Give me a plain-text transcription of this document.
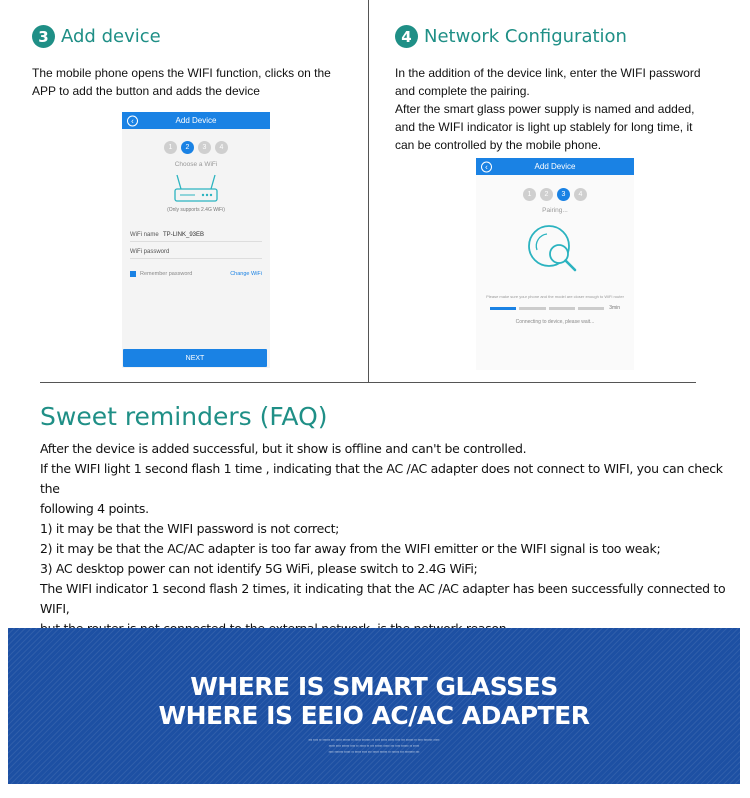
3 Add device

The mobile phone opens the WIFI function, clicks on the

APP to add the button and adds the device

‹	Add Device
1	2	3	4
Choose a WiFi
(Only supports 2.4G WiFi)
WiFi name TP-LINK_93EB
WiFi password
Remember password	Change WiFi
NEXT
4 Network Configuration

In the addition of the device link, enter the WIFI password

and complete the pairing.

After the smart glass power supply is named and added,

and the WIFI indicator is light up stablely for long time, it

can be controlled by the mobile phone.

‹	Add Device
1	2	3	4
Pairing...
Please make sure your phone and the model are closer enough to WiFi router
3min
Connecting to device, please wait...
Sweet reminders (FAQ)

After the device is added successful, but it show is offline and can't be controlled.

If the WIFI light 1 second flash 1 time , indicating that the AC /AC adapter does not connect to WIFI, you can check the

following 4 points.

1) it may be that the WIFI password is not correct;

2) it may be that the AC/AC adapter is too far away from the WIFI emitter or the WIFI signal is too weak;

3) AC desktop power can not identify 5G WiFi, please switch to 2.4G WiFi;

The WIFI indicator 1 second flash 2 times, it indicating that the AC /AC adapter has been successfully connected to WIFI,

WHERE IS SMART GLASSES
WHERE IS EEIO AC/AC ADAPTER
▪▪▪ ▪▪▪▪ ▪▪ ▪▪▪▪▪▪ ▪▪▪ ▪▪▪▪▪ ▪▪▪▪▪▪ ▪▪ ▪▪▪▪▪ ▪▪▪▪▪▪▪ ▪▪ ▪▪▪▪ ▪▪▪▪▪ ▪▪▪▪▪ ▪▪▪▪ ▪▪▪ ▪▪▪▪▪▪ ▪▪ ▪▪▪▪ ▪▪▪▪▪▪▪ ▪▪▪▪▪
▪▪▪▪▪ ▪▪▪▪ ▪▪▪▪▪▪ ▪▪▪▪ ▪▪ ▪▪▪▪▪ ▪▪ ▪▪▪ ▪▪▪▪▪▪ ▪▪▪▪▪ ▪▪▪ ▪▪▪▪ ▪▪▪▪▪▪ ▪▪ ▪▪▪▪▪
▪▪▪▪ ▪▪▪▪▪▪▪ ▪▪▪▪▪ ▪▪ ▪▪▪▪▪ ▪▪▪▪ ▪▪▪ ▪▪▪▪▪ ▪▪▪▪▪▪ ▪▪ ▪▪▪▪▪▪ ▪▪▪ ▪▪▪▪▪▪▪▪ ▪▪▪
